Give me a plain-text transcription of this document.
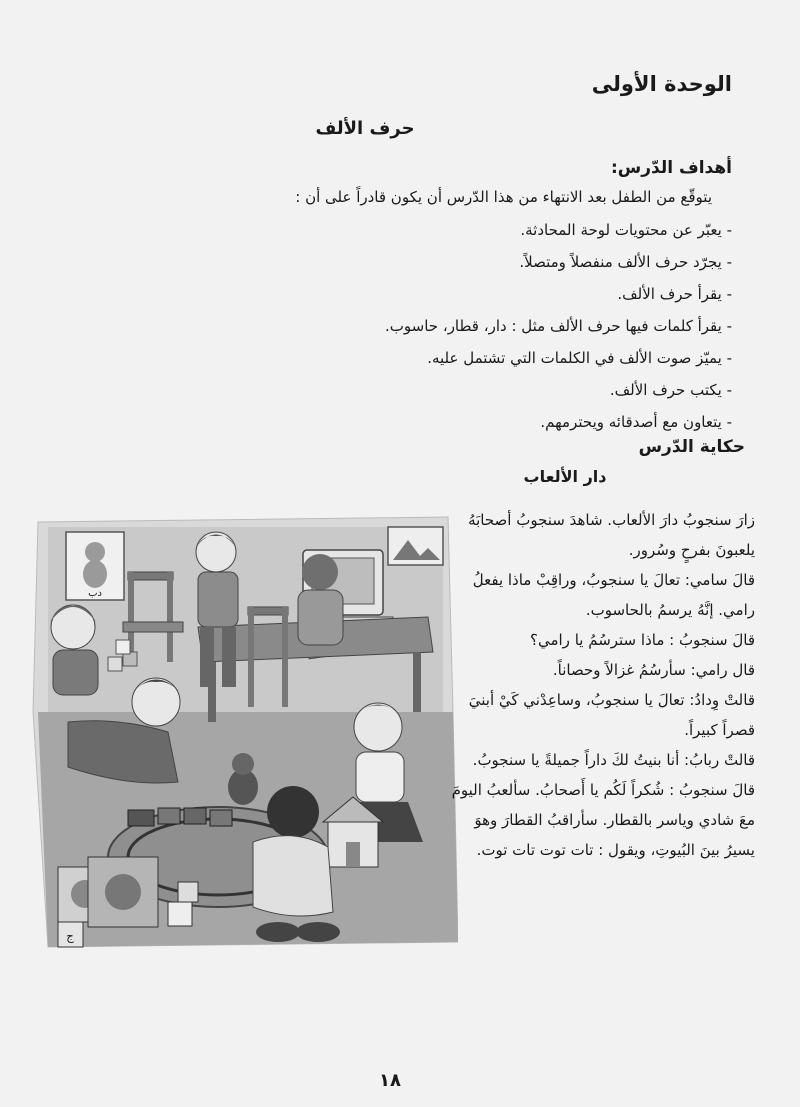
الوحدة الأولى
حرف الألف
أهداف الدّرس:
يتوقّع من الطفل بعد الانتهاء من هذا الدّرس أن يكون قادراً على أن :
- يعبّر عن محتويات لوحة المحادثة.
- يجرّد حرف الألف منفصلاً ومتصلاً.
- يقرأ حرف الألف.
- يقرأ كلمات فيها حرف الألف مثل : دار، قطار، حاسوب.
- يميّز صوت الألف في الكلمات التي تشتمل عليه.
- يكتب حرف الألف.
- يتعاون مع أصدقائه ويحترمهم.
حكاية الدّرس
دار الألعاب
دب
ج

زارَ سنجوبُ دارَ الألعاب. شاهدَ سنجوبُ أصحابَهُ يلعبونَ بفرحٍ وسُرور.

قالَ سامي: تعالَ يا سنجوبُ، وراقِبْ ماذا يفعلُ رامي. إنَّهُ يرسمُ بالحاسوب.

قالَ سنجوبُ : ماذا سترسُمُ يا رامي؟

قال رامي: سأرسُمُ غزالاً وحصاناً.

قالتْ وِدادُ: تعالَ يا سنجوبُ، وساعِدْني كَيْ أبنيَ قصراً كبيراً.

قالتْ ربابُ: أنا بنيتُ لكَ داراً جميلةً يا سنجوبُ.

قالَ سنجوبُ : شُكراً لَكُم يا أَصحابُ. سألعبُ اليومَ معَ شادي وياسر بالقطار. سأراقبُ القطارَ وهوَ يسيرُ بينَ البُيوتِ، ويقول : تات توت تات توت.

١٨
